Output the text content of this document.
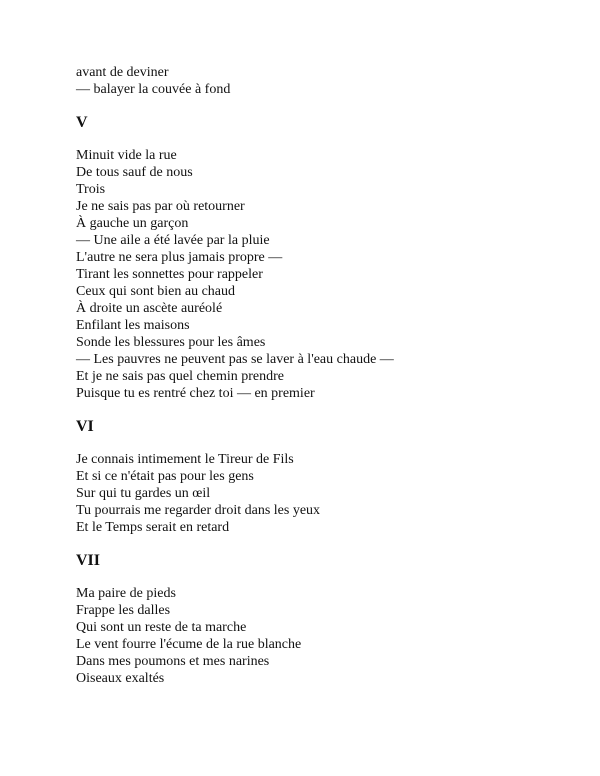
avant de deviner
— balayer la couvée à fond
V
Minuit vide la rue
De tous sauf de nous
Trois
Je ne sais pas par où retourner
À gauche un garçon
— Une aile a été lavée par la pluie
L'autre ne sera plus jamais propre —
Tirant les sonnettes pour rappeler
Ceux qui sont bien au chaud
À droite un ascète auréolé
Enfilant les maisons
Sonde les blessures pour les âmes
— Les pauvres ne peuvent pas se laver à l'eau chaude —
Et je ne sais pas quel chemin prendre
Puisque tu es rentré chez toi — en premier
VI
Je connais intimement le Tireur de Fils
Et si ce n'était pas pour les gens
Sur qui tu gardes un œil
Tu pourrais me regarder droit dans les yeux
Et le Temps serait en retard
VII
Ma paire de pieds
Frappe les dalles
Qui sont un reste de ta marche
Le vent fourre l'écume de la rue blanche
Dans mes poumons et mes narines
Oiseaux exaltés
